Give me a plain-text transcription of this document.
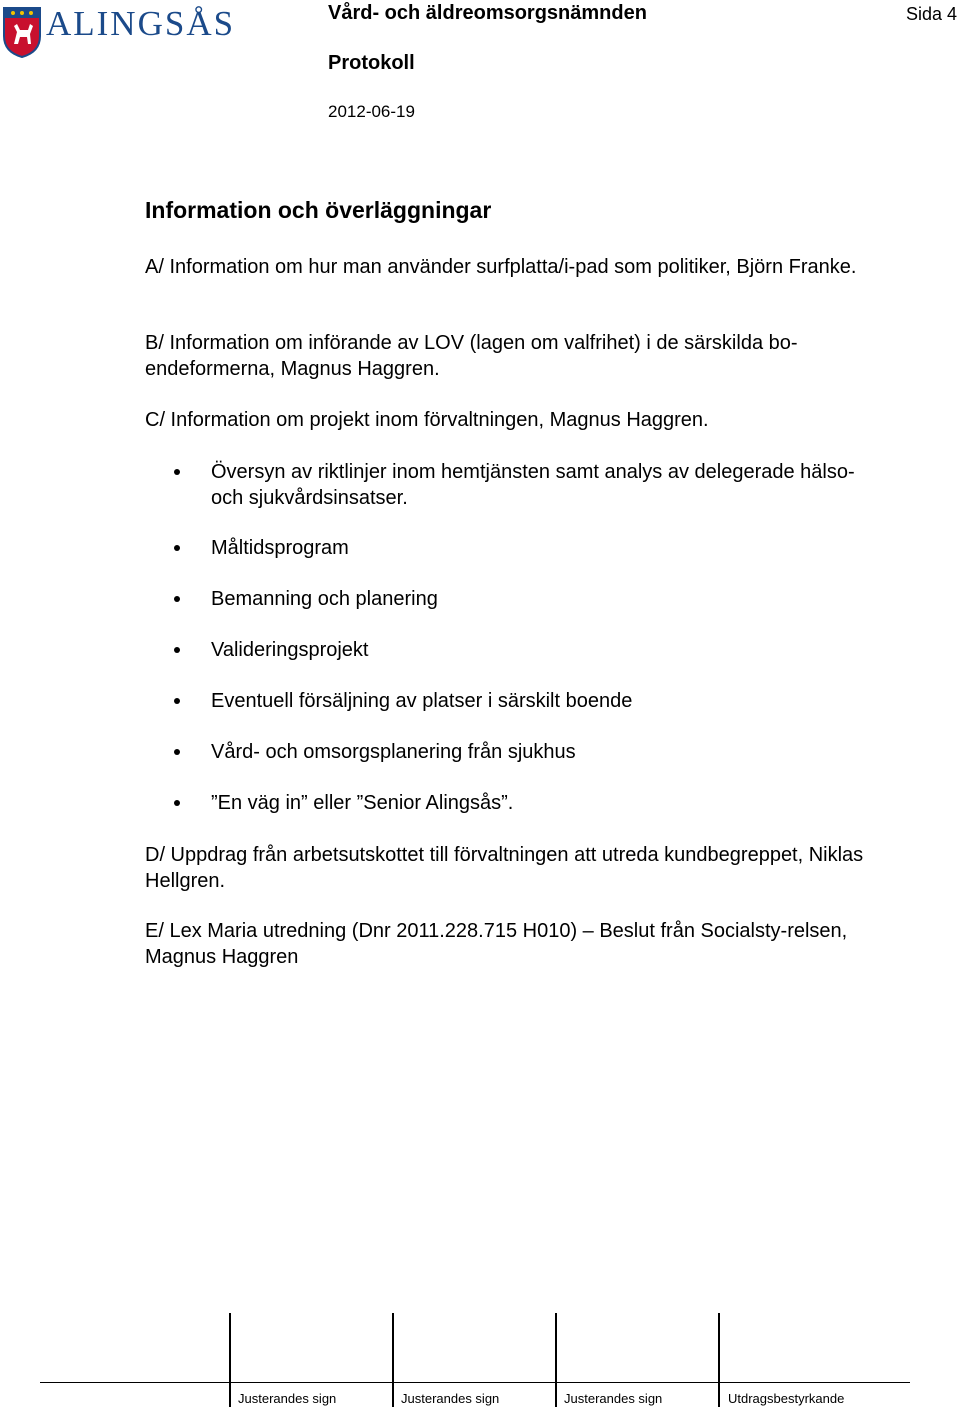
ALINGSÅS	Vård- och äldreomsorgsnämnden	Sida 4
Protokoll
2012-06-19
Information och överläggningar
A/ Information om hur man använder surfplatta/i-pad som politiker, Björn Franke.
B/ Information om införande av LOV (lagen om valfrihet) i de särskilda bo-endeformerna, Magnus Haggren.
C/ Information om projekt inom förvaltningen, Magnus Haggren.
Översyn av riktlinjer inom hemtjänsten samt analys av delegerade hälso- och sjukvårdsinsatser.
Måltidsprogram
Bemanning och planering
Valideringsprojekt
Eventuell försäljning av platser i särskilt boende
Vård- och omsorgsplanering från sjukhus
”En väg in” eller ”Senior Alingsås”.
D/ Uppdrag från arbetsutskottet till förvaltningen att utreda kundbegreppet, Niklas Hellgren.
E/ Lex Maria utredning (Dnr 2011.228.715 H010) – Beslut från Socialsty-relsen, Magnus Haggren
Justerandes sign	Justerandes sign	Justerandes sign	Utdragsbestyrkande
